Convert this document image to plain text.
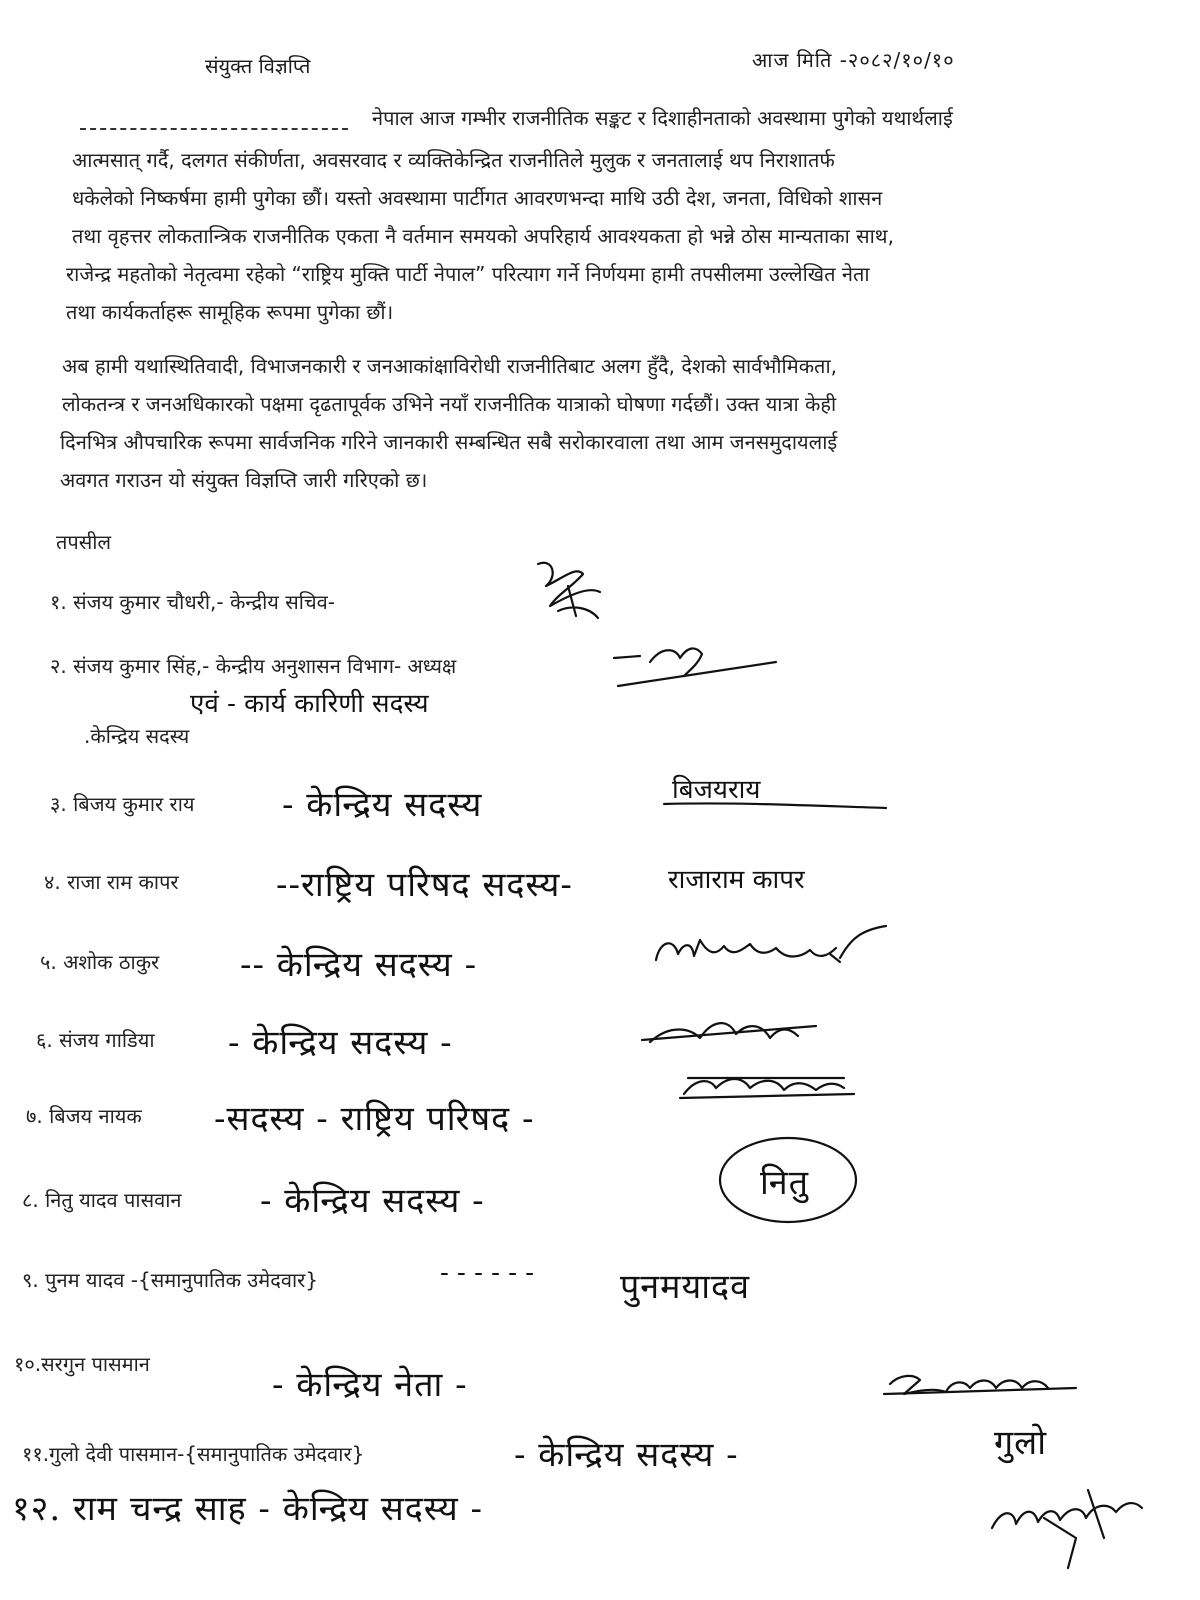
संयुक्त विज्ञप्ति	आज मिति -२०८२/१०/१०
नेपाल आज गम्भीर राजनीतिक सङ्कट र दिशाहीनताको अवस्थामा पुगेको यथार्थलाई
आत्मसात् गर्दै, दलगत संकीर्णता, अवसरवाद र व्यक्तिकेन्द्रित राजनीतिले मुलुक र जनतालाई थप निराशातर्फ
धकेलेको निष्कर्षमा हामी पुगेका छौं। यस्तो अवस्थामा पार्टीगत आवरणभन्दा माथि उठी देश, जनता, विधिको शासन
तथा वृहत्तर लोकतान्त्रिक राजनीतिक एकता नै वर्तमान समयको अपरिहार्य आवश्यकता हो भन्ने ठोस मान्यताका साथ,
राजेन्द्र महतोको नेतृत्वमा रहेको “राष्ट्रिय मुक्ति पार्टी नेपाल” परित्याग गर्ने निर्णयमा हामी तपसीलमा उल्लेखित नेता
तथा कार्यकर्ताहरू सामूहिक रूपमा पुगेका छौं।
अब हामी यथास्थितिवादी, विभाजनकारी र जनआकांक्षाविरोधी राजनीतिबाट अलग हुँदै, देशको सार्वभौमिकता,
लोकतन्त्र र जनअधिकारको पक्षमा दृढतापूर्वक उभिने नयाँ राजनीतिक यात्राको घोषणा गर्दछौं। उक्त यात्रा केही
दिनभित्र औपचारिक रूपमा सार्वजनिक गरिने जानकारी सम्बन्धित सबै सरोकारवाला तथा आम जनसमुदायलाई
अवगत गराउन यो संयुक्त विज्ञप्ति जारी गरिएको छ।
तपसील
१. संजय कुमार चौधरी,- केन्द्रीय सचिव-
२. संजय कुमार सिंह,- केन्द्रीय अनुशासन विभाग- अध्यक्ष
एवं - कार्य कारिणी सदस्य
.केन्द्रिय सदस्य
३. बिजय कुमार राय	- केन्द्रिय सदस्य	बिजयराय
४. राजा राम कापर	--राष्ट्रिय परिषद सदस्य-	राजाराम कापर
५. अशोक ठाकुर -- केन्द्रिय सदस्य -
६. संजय गाडिया - केन्द्रिय सदस्य -
७. बिजय नायक -सदस्य - राष्ट्रिय परिषद -
८. नितु यादव पासवान - केन्द्रिय सदस्य -	नितु
९. पुनम यादव -{समानुपातिक उमेदवार}	- - - - - -	पुनमयादव
१०.सरगुन पासमान
- केन्द्रिय नेता -
११.गुलो देवी पासमान-{समानुपातिक उमेदवार}	- केन्द्रिय सदस्य -	गुलो
१२. राम चन्द्र साह - केन्द्रिय सदस्य -
